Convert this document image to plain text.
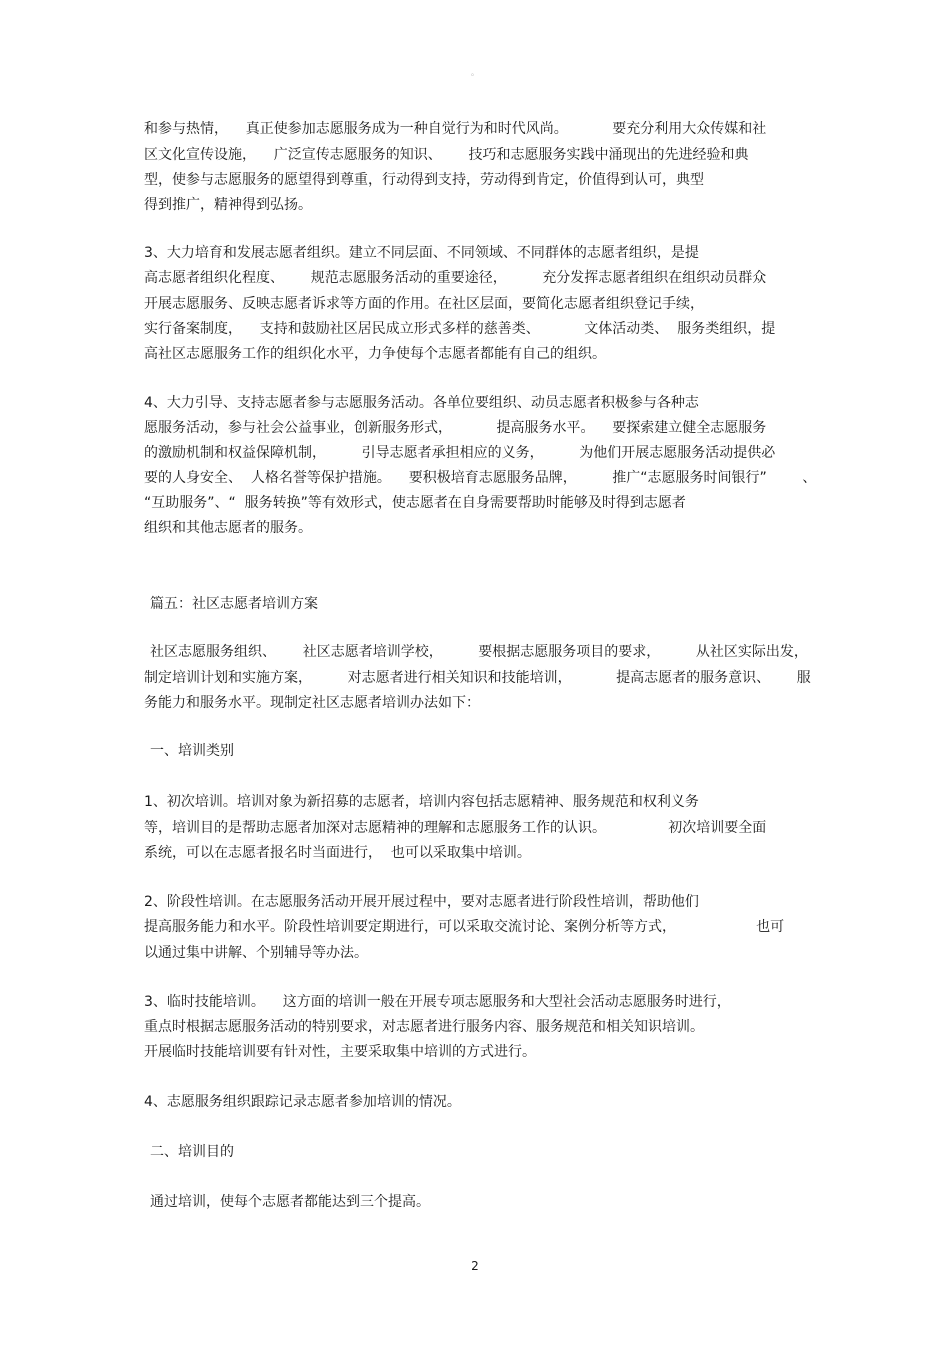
。
和参与热情，    真正使参加志愿服务成为一种自觉行为和时代风尚。          要充分利用大众传媒和社
区文化宣传设施，    广泛宣传志愿服务的知识、      技巧和志愿服务实践中涌现出的先进经验和典
型，使参与志愿服务的愿望得到尊重，行动得到支持，劳动得到肯定，价值得到认可，典型
得到推广，精神得到弘扬。
3、大力培育和发展志愿者组织。建立不同层面、不同领域、不同群体的志愿者组织，是提
高志愿者组织化程度、      规范志愿服务活动的重要途径，        充分发挥志愿者组织在组织动员群众
开展志愿服务、反映志愿者诉求等方面的作用。在社区层面，要简化志愿者组织登记手续，
实行备案制度，    支持和鼓励社区居民成立形式多样的慈善类、          文体活动类、  服务类组织，提
高社区志愿服务工作的组织化水平，力争使每个志愿者都能有自己的组织。
4、大力引导、支持志愿者参与志愿服务活动。各单位要组织、动员志愿者积极参与各种志
愿服务活动，参与社会公益事业，创新服务形式，          提高服务水平。    要探索建立健全志愿服务
的激励机制和权益保障机制，        引导志愿者承担相应的义务，        为他们开展志愿服务活动提供必
要的人身安全、  人格名誉等保护措施。    要积极培育志愿服务品牌，        推广“志愿服务时间银行”        、
“互助服务”、“  服务转换”等有效形式，使志愿者在自身需要帮助时能够及时得到志愿者
组织和其他志愿者的服务。
篇五：社区志愿者培训方案
社区志愿服务组织、      社区志愿者培训学校，        要根据志愿服务项目的要求，        从社区实际出发，
制定培训计划和实施方案，        对志愿者进行相关知识和技能培训，          提高志愿者的服务意识、      服
务能力和服务水平。现制定社区志愿者培训办法如下：
一、培训类别
1、初次培训。培训对象为新招募的志愿者，培训内容包括志愿精神、服务规范和权利义务
等，培训目的是帮助志愿者加深对志愿精神的理解和志愿服务工作的认识。              初次培训要全面
系统，可以在志愿者报名时当面进行，  也可以采取集中培训。
2、阶段性培训。在志愿服务活动开展开展过程中，要对志愿者进行阶段性培训，帮助他们
提高服务能力和水平。阶段性培训要定期进行，可以采取交流讨论、案例分析等方式，                  也可
以通过集中讲解、个别辅导等办法。
3、临时技能培训。    这方面的培训一般在开展专项志愿服务和大型社会活动志愿服务时进行，
重点时根据志愿服务活动的特别要求，对志愿者进行服务内容、服务规范和相关知识培训。
开展临时技能培训要有针对性，主要采取集中培训的方式进行。
4、志愿服务组织跟踪记录志愿者参加培训的情况。
二、培训目的
通过培训，使每个志愿者都能达到三个提高。
2
